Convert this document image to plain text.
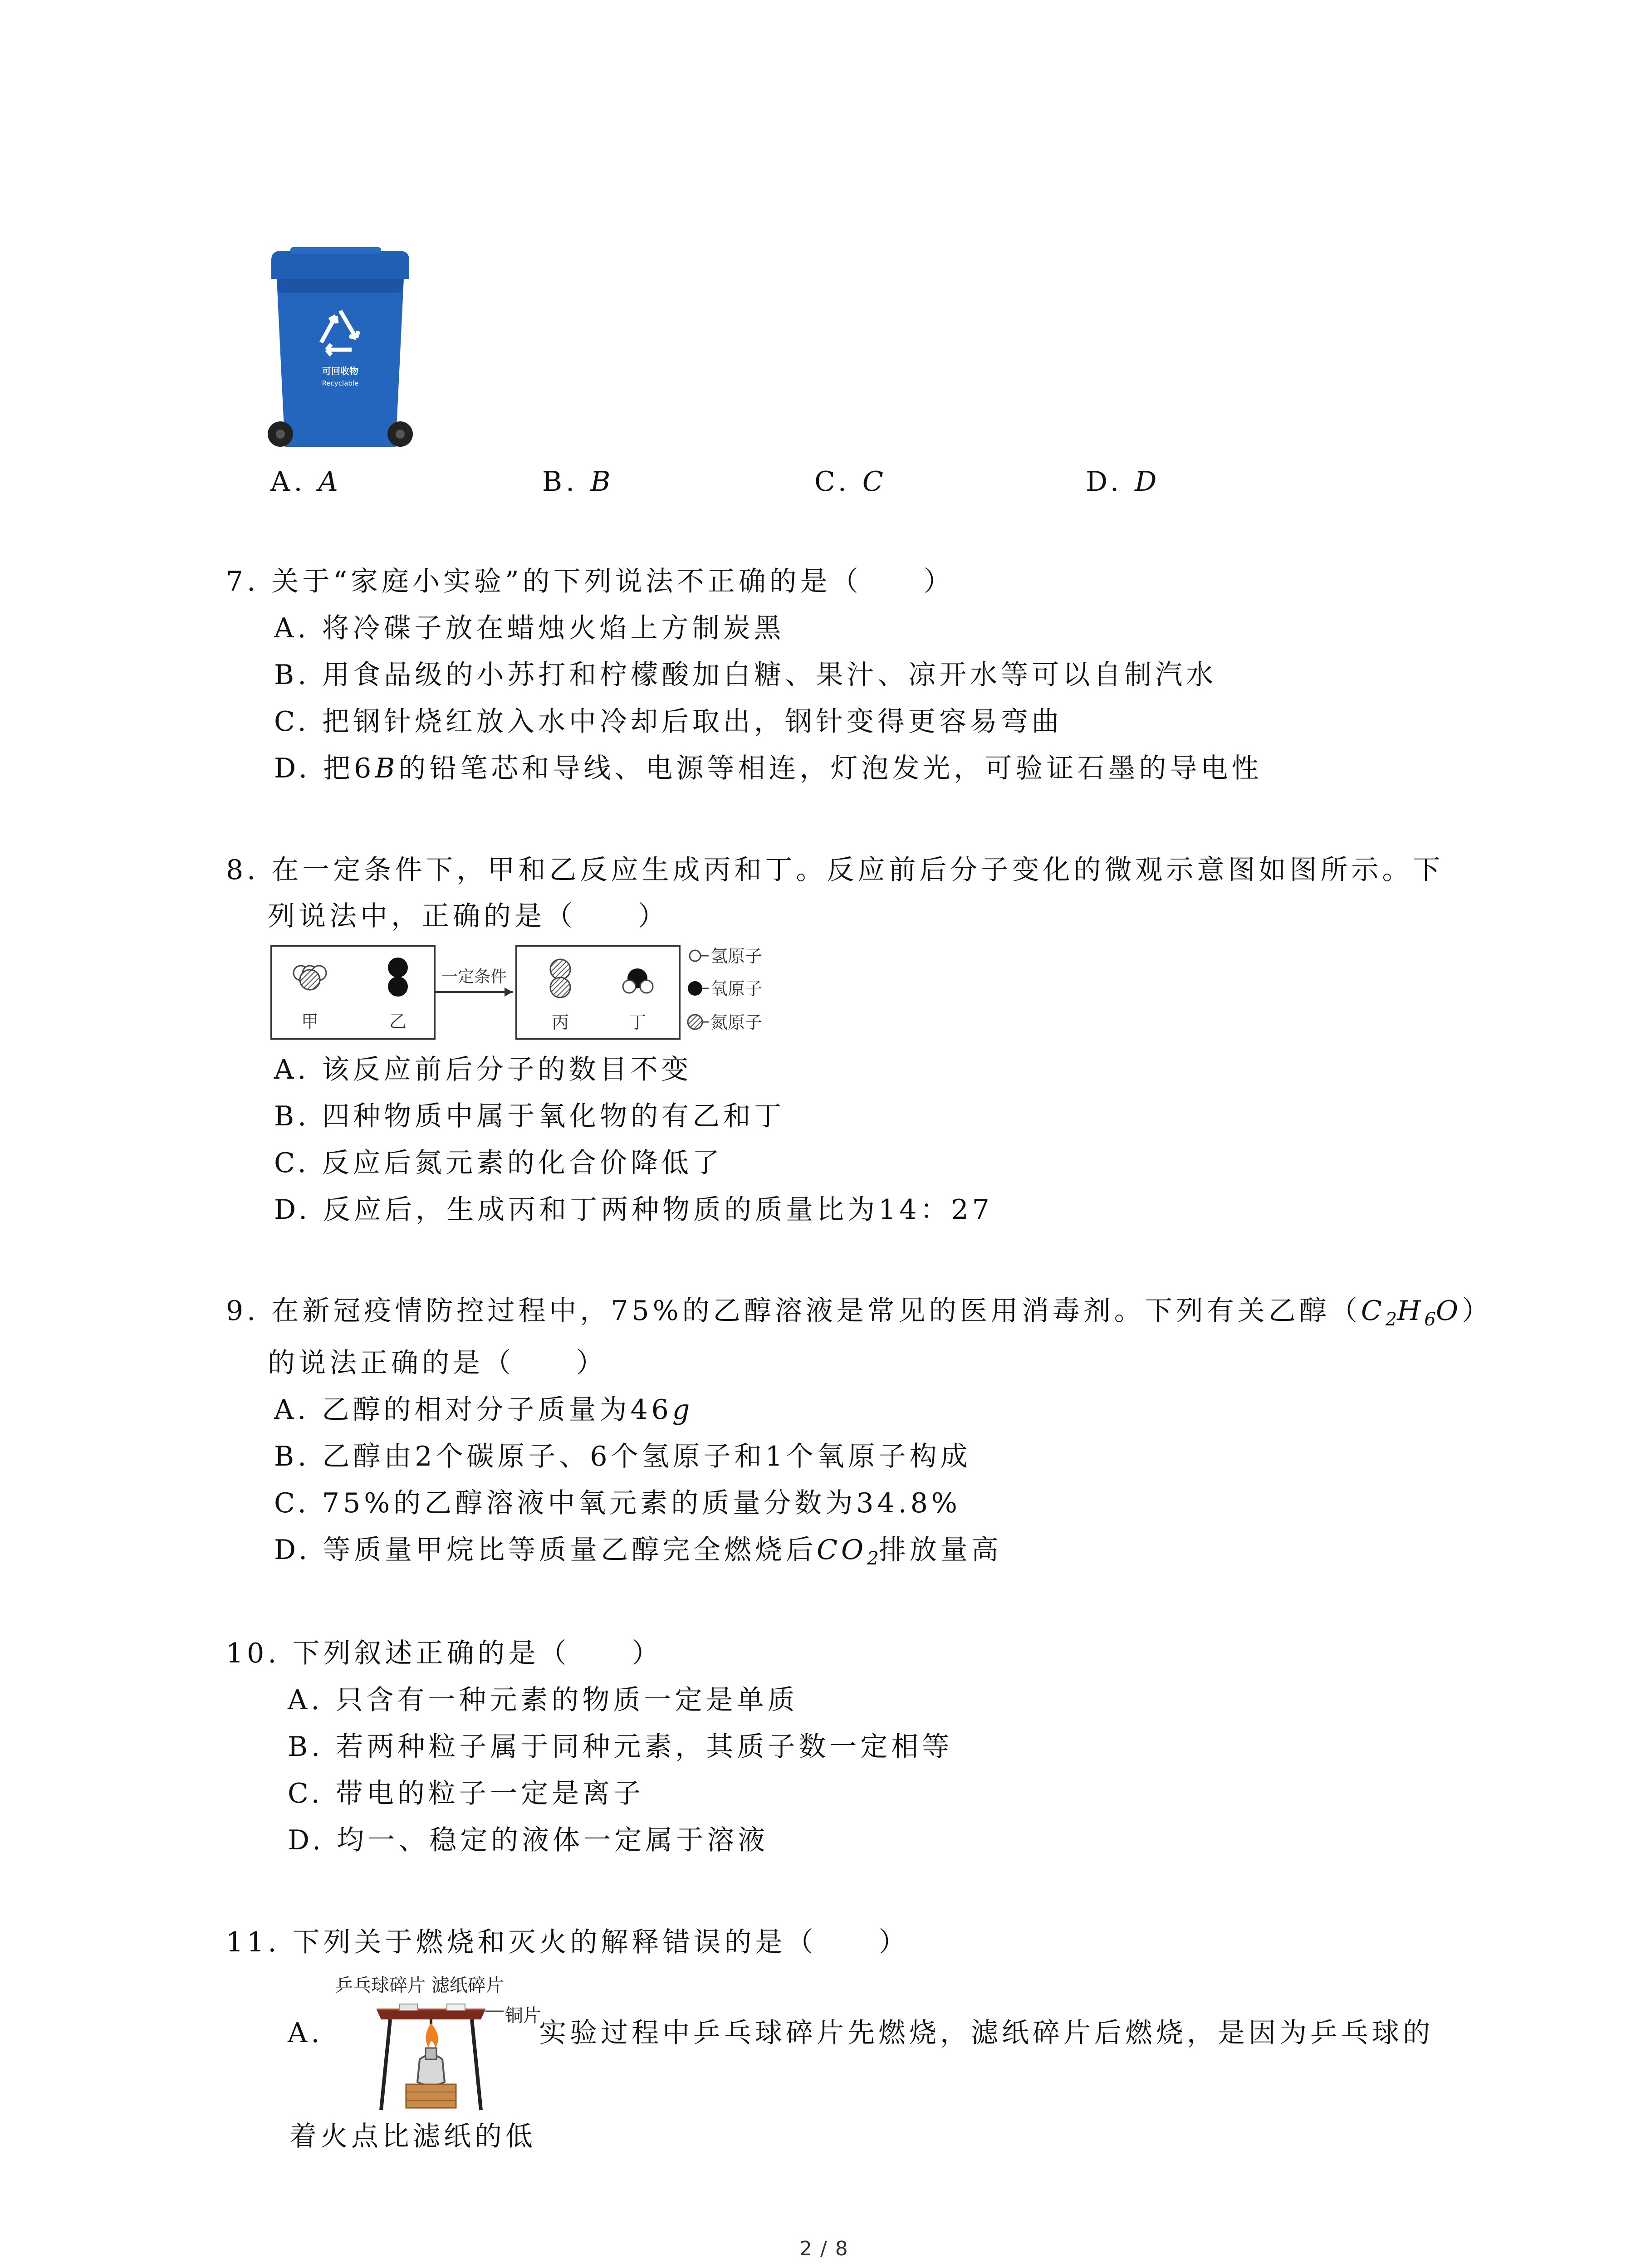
可回收物
Recyclable
A. A	B. B	C. C	D. D
7. 关于“家庭小实验”的下列说法不正确的是（　　）
A. 将冷碟子放在蜡烛火焰上方制炭黑
B. 用食品级的小苏打和柠檬酸加白糖、果汁、凉开水等可以自制汽水
C. 把钢针烧红放入水中冷却后取出，钢针变得更容易弯曲
D. 把6B的铅笔芯和导线、电源等相连，灯泡发光，可验证石墨的导电性
8. 在一定条件下，甲和乙反应生成丙和丁。反应前后分子变化的微观示意图如图所示。下
列说法中，正确的是（　　）
甲	乙
一定条件
丙	丁
氢原子
氧原子
氮原子
A. 该反应前后分子的数目不变
B. 四种物质中属于氧化物的有乙和丁
C. 反应后氮元素的化合价降低了
D. 反应后，生成丙和丁两种物质的质量比为14：27
9. 在新冠疫情防控过程中，75%的乙醇溶液是常见的医用消毒剂。下列有关乙醇$(C_2H_6O)$
的说法正确的是（　　）
A. 乙醇的相对分子质量为46g
B. 乙醇由2个碳原子、6个氢原子和1个氧原子构成
C. 75%的乙醇溶液中氧元素的质量分数为34.8%
D. 等质量甲烷比等质量乙醇完全燃烧后$CO_2$排放量高
10. 下列叙述正确的是（　　）
A. 只含有一种元素的物质一定是单质
B. 若两种粒子属于同种元素，其质子数一定相等
C. 带电的粒子一定是离子
D. 均一、稳定的液体一定属于溶液
11. 下列关于燃烧和灭火的解释错误的是（　　）
乒乓球碎片 滤纸碎片
铜片
A.	实验过程中乒乓球碎片先燃烧，滤纸碎片后燃烧，是因为乒乓球的
着火点比滤纸的低
2 / 8
